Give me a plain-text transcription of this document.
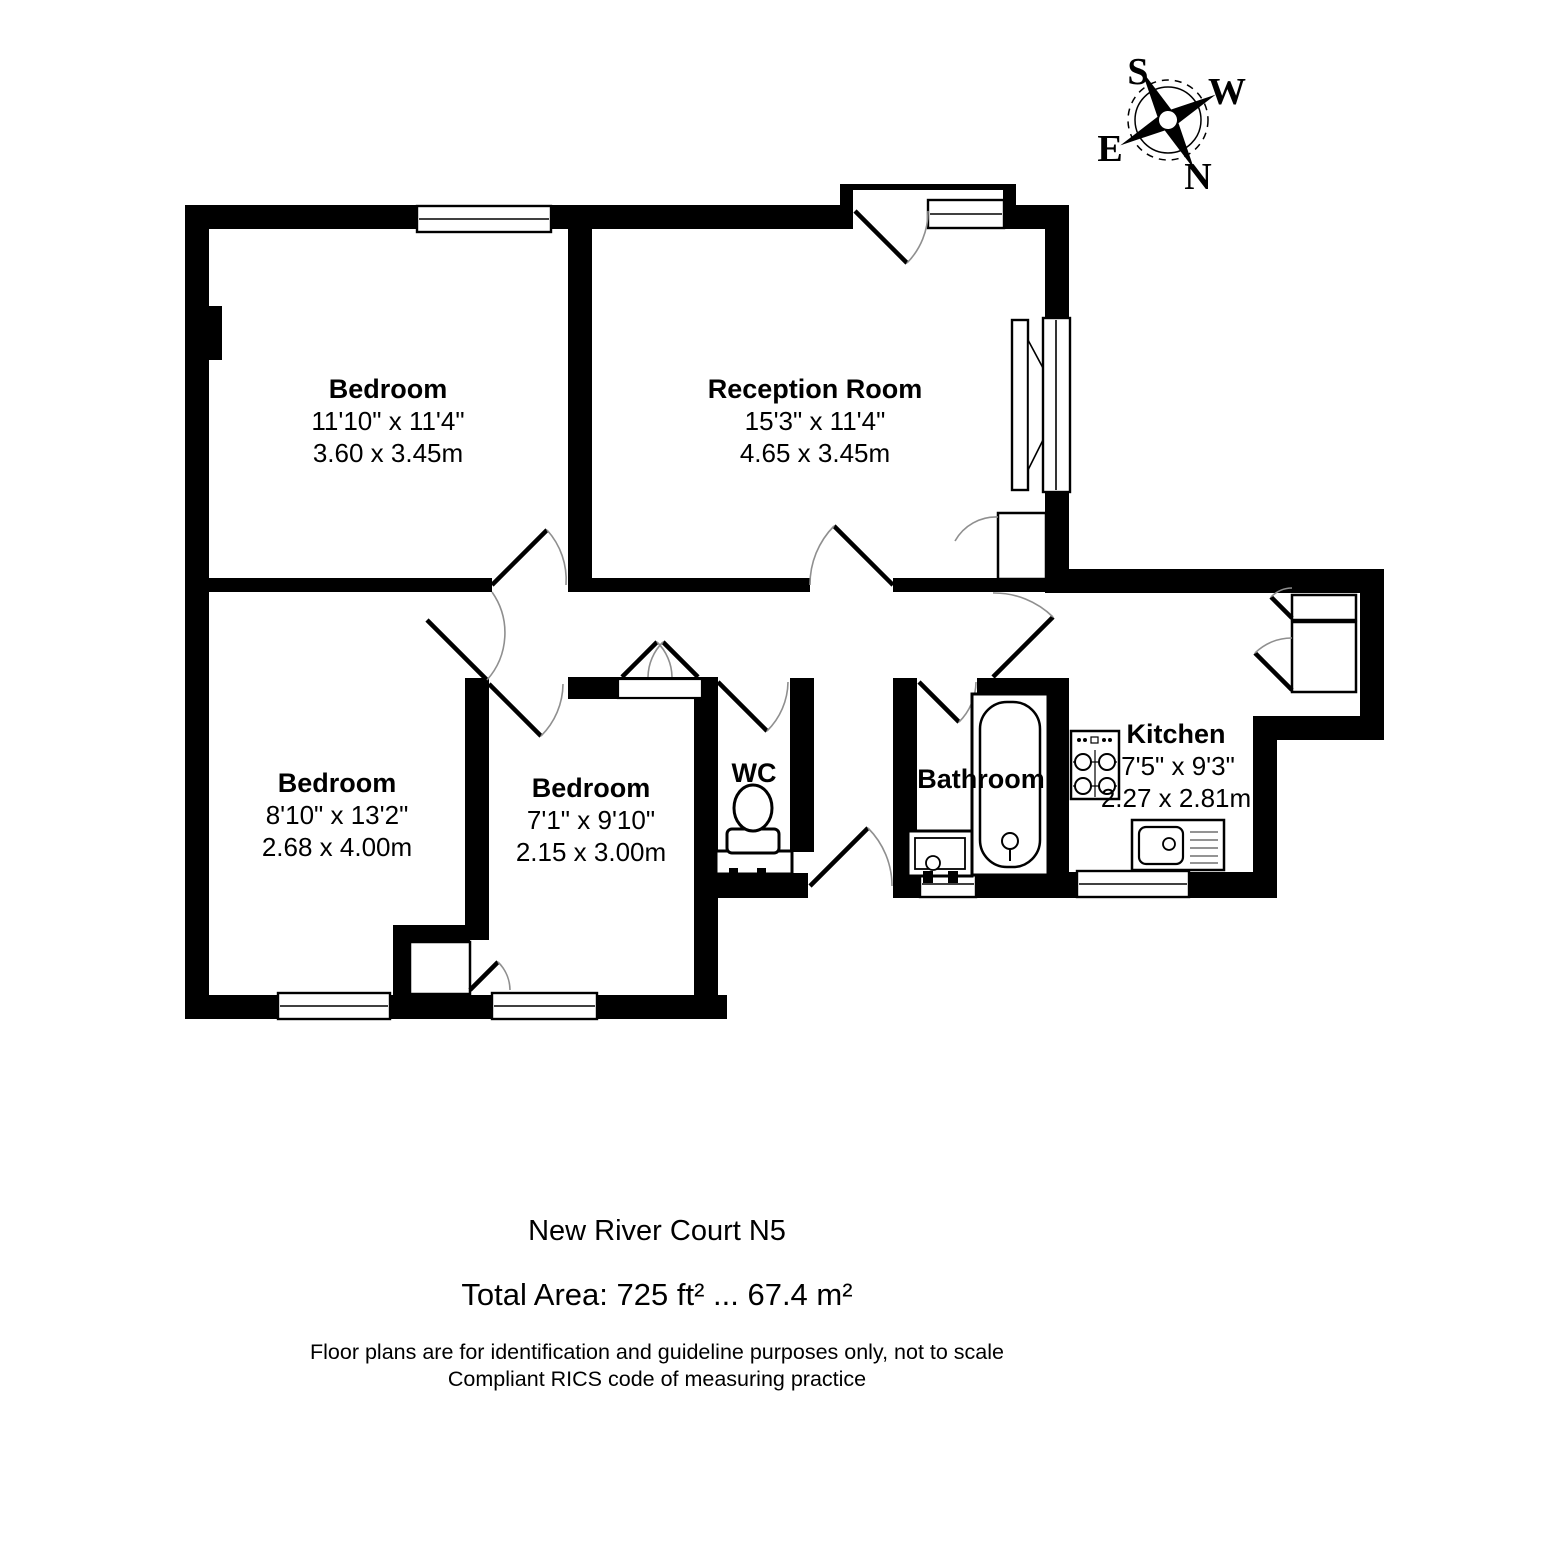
S W
E
N
Bedroom
11'10" x 11'4"
3.60 x 3.45m
Reception Room
15'3" x 11'4"
4.65 x 3.45m
Bedroom
8'10" x 13'2"
2.68 x 4.00m
Bedroom
7'1" x 9'10"
2.15 x 3.00m
WC	Bathroom
Kitchen
7'5" x 9'3"
2.27 x 2.81m
New River Court N5
Total Area: 725 ft² ... 67.4 m²
Floor plans are for identification and guideline purposes only, not to scale
Compliant RICS code of measuring practice
